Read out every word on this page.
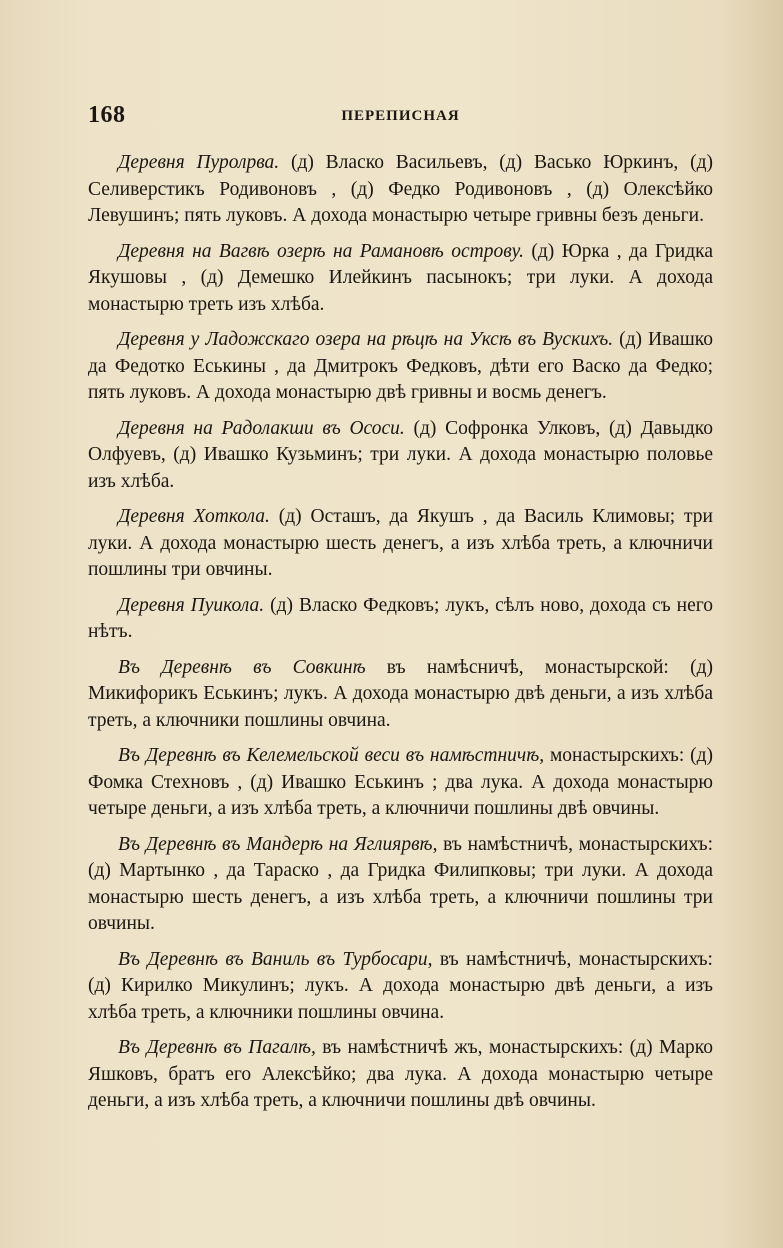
168	ПЕРЕПИСНАЯ

Деревня Пуролрва. (д) Власко Васильевъ, (д) Васько Юркинъ, (д) Селиверстикъ Родивоновъ , (д) Федко Родивоновъ , (д) Олексѣйко Левушинъ; пять луковъ. А дохода монастырю четыре гривны безъ деньги.

Деревня на Вагвѣ озерѣ на Рамановѣ острову. (д) Юрка , да Гридка Якушовы , (д) Демешко Илейкинъ пасынокъ; три луки. А дохода монастырю треть изъ хлѣба.

Деревня у Ладожскаго озера на рѣцѣ на Уксѣ въ Вускихъ. (д) Ивашко да Федотко Еськины , да Дмитрокъ Федковъ, дѣти его Васко да Федко; пять луковъ. А дохода монастырю двѣ гривны и восмь денегъ.

Деревня на Радолакши въ Ососи. (д) Софронка Улковъ, (д) Давыдко Олфуевъ, (д) Ивашко Кузьминъ; три луки. А дохода монастырю половье изъ хлѣба.

Деревня Хоткола. (д) Осташъ, да Якушъ , да Василь Климовы; три луки. А дохода монастырю шесть денегъ, а изъ хлѣба треть, а ключничи пошлины три овчины.

Деревня Пуикола. (д) Власко Федковъ; лукъ, сѣлъ ново, дохода съ него нѣтъ.

Въ Деревнѣ въ Совкинѣ въ намѣсничѣ, монастырской: (д) Микифорикъ Еськинъ; лукъ. А дохода монастырю двѣ деньги, а изъ хлѣба треть, а ключники пошлины овчина.

Въ Деревнѣ въ Келемельской веси въ намѣстничѣ, монастырскихъ: (д) Фомка Стехновъ , (д) Ивашко Еськинъ ; два лука. А дохода монастырю четыре деньги, а изъ хлѣба треть, а ключничи пошлины двѣ овчины.

Въ Деревнѣ въ Мандерѣ на Яглиярвѣ, въ намѣстничѣ, монастырскихъ: (д) Мартынко , да Тараско , да Гридка Филипковы; три луки. А дохода монастырю шесть денегъ, а изъ хлѣба треть, а ключничи пошлины три овчины.

Въ Деревнѣ въ Ваниль въ Турбосари, въ намѣстничѣ, монастырскихъ: (д) Кирилко Микулинъ; лукъ. А дохода монастырю двѣ деньги, а изъ хлѣба треть, а ключники пошлины овчина.

Въ Деревнѣ въ Пагалѣ, въ намѣстничѣ жъ, монастырскихъ: (д) Марко Яшковъ, братъ его Алексѣйко; два лука. А дохода монастырю четыре деньги, а изъ хлѣба треть, а ключничи пошлины двѣ овчины.
